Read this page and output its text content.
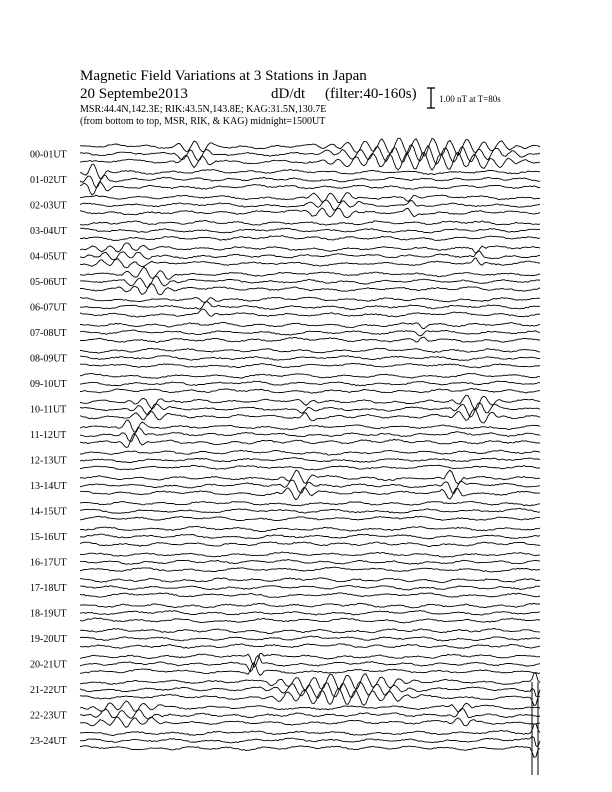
Magnetic Field Variations at 3 Stations in Japan
20 Septembe2013	dD/dt (filter:40-160s)
MSR:44.4N,142.3E; RIK:43.5N,143.8E; KAG:31.5N,130.7E
(from bottom to top, MSR, RIK, & KAG) midnight=1500UT
1.00 nT at T=80s
00-01UT
01-02UT
02-03UT
03-04UT
04-05UT
05-06UT
06-07UT
07-08UT
08-09UT
09-10UT
10-11UT
11-12UT
12-13UT
13-14UT
14-15UT
15-16UT
16-17UT
17-18UT
18-19UT
19-20UT
20-21UT
21-22UT
22-23UT
23-24UT
